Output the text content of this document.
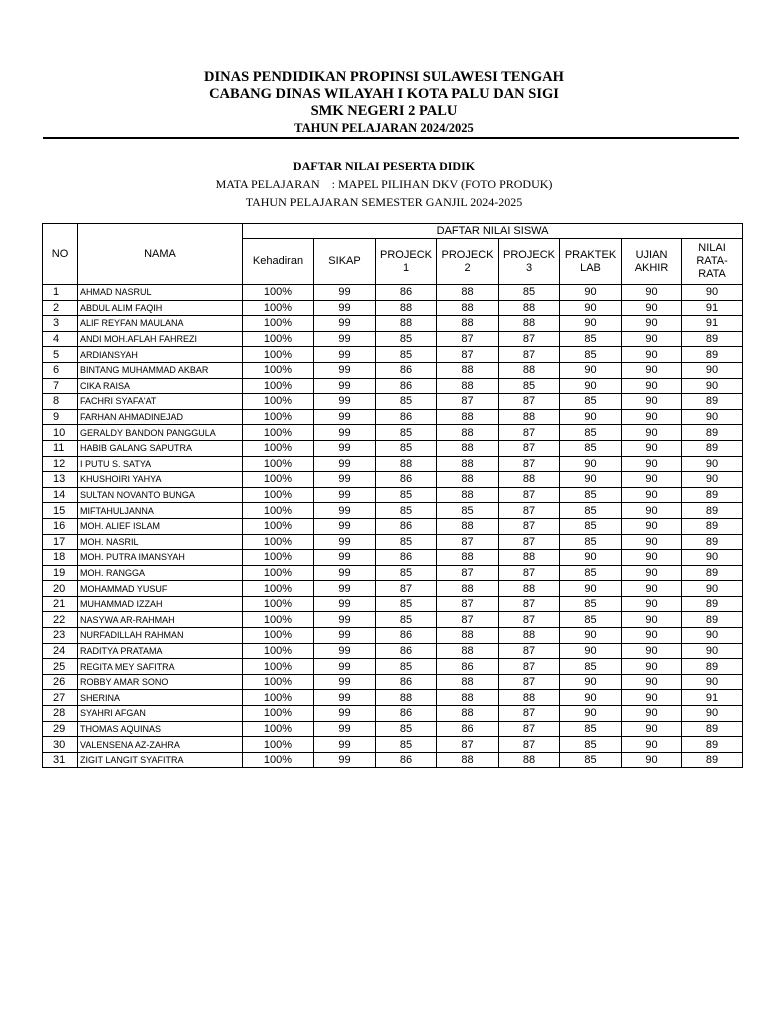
DINAS PENDIDIKAN PROPINSI SULAWESI TENGAH
CABANG DINAS WILAYAH I KOTA PALU DAN SIGI
SMK NEGERI 2 PALU
TAHUN PELAJARAN 2024/2025
DAFTAR NILAI PESERTA DIDIK
MATA PELAJARAN : MAPEL PILIHAN DKV (FOTO PRODUK)
TAHUN PELAJARAN SEMESTER GANJIL 2024-2025
NO	NAMA	DAFTAR NILAI SISWA							
		Kehadiran	SIKAP	PROJECK 1	PROJECK 2	PROJECK 3	PRAKTEK LAB	UJIAN AKHIR	NILAI RATA-RATA
1	AHMAD NASRUL	100%	99	86	88	85	90	90	90
2	ABDUL ALIM FAQIH	100%	99	88	88	88	90	90	91
3	ALIF REYFAN MAULANA	100%	99	88	88	88	90	90	91
4	ANDI MOH.AFLAH FAHREZI	100%	99	85	87	87	85	90	89
5	ARDIANSYAH	100%	99	85	87	87	85	90	89
6	BINTANG MUHAMMAD AKBAR	100%	99	86	88	88	90	90	90
7	CIKA RAISA	100%	99	86	88	85	90	90	90
8	FACHRI SYAFA'AT	100%	99	85	87	87	85	90	89
9	FARHAN AHMADINEJAD	100%	99	86	88	88	90	90	90
10	GERALDY BANDON PANGGULA	100%	99	85	88	87	85	90	89
11	HABIB GALANG SAPUTRA	100%	99	85	88	87	85	90	89
12	I PUTU S. SATYA	100%	99	88	88	87	90	90	90
13	KHUSHOIRI YAHYA	100%	99	86	88	88	90	90	90
14	SULTAN NOVANTO BUNGA	100%	99	85	88	87	85	90	89
15	MIFTAHULJANNA	100%	99	85	85	87	85	90	89
16	MOH. ALIEF ISLAM	100%	99	86	88	87	85	90	89
17	MOH. NASRIL	100%	99	85	87	87	85	90	89
18	MOH. PUTRA IMANSYAH	100%	99	86	88	88	90	90	90
19	MOH. RANGGA	100%	99	85	87	87	85	90	89
20	MOHAMMAD YUSUF	100%	99	87	88	88	90	90	90
21	MUHAMMAD IZZAH	100%	99	85	87	87	85	90	89
22	NASYWA AR-RAHMAH	100%	99	85	87	87	85	90	89
23	NURFADILLAH RAHMAN	100%	99	86	88	88	90	90	90
24	RADITYA PRATAMA	100%	99	86	88	87	90	90	90
25	REGITA MEY SAFITRA	100%	99	85	86	87	85	90	89
26	ROBBY AMAR SONO	100%	99	86	88	87	90	90	90
27	SHERINA	100%	99	88	88	88	90	90	91
28	SYAHRI AFGAN	100%	99	86	88	87	90	90	90
29	THOMAS AQUINAS	100%	99	85	86	87	85	90	89
30	VALENSENA AZ-ZAHRA	100%	99	85	87	87	85	90	89
31	ZIGIT LANGIT SYAFITRA	100%	99	86	88	88	85	90	89
